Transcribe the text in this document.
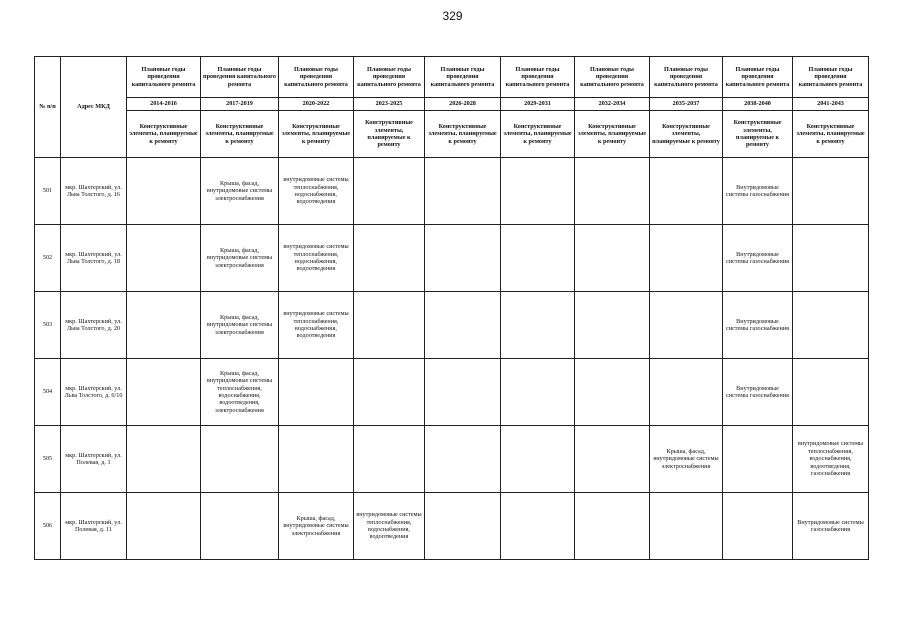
329
№ п/п	Адрес МКД	Плановые годы проведения капитального ремонта	Плановые годы проведения капитального ремонта	Плановые годы проведения капитального ремонта	Плановые годы проведения капитального ремонта	Плановые годы проведения капитального ремонта	Плановые годы проведения капитального ремонта	Плановые годы проведения капитального ремонта	Плановые годы проведения капитального ремонта	Плановые годы проведения капитального ремонта	Плановые годы проведения капитального ремонта
		2014-2016	2017-2019	2020-2022	2023-2025	2026-2028	2029-2031	2032-2034	2035-2037	2038-2040	2041-2043
		Конструктивные элементы, планируемые к ремонту	Конструктивные элементы, планируемые к ремонту	Конструктивные элементы, планируемые к ремонту	Конструктивные элементы, планируемые к ремонту	Конструктивные элементы, планируемые к ремонту	Конструктивные элементы, планируемые к ремонту	Конструктивные элементы, планируемые к ремонту	Конструктивные элементы, планируемые к ремонту	Конструктивные элементы, планируемые к ремонту	Конструктивные элементы, планируемые к ремонту
501	мкр. Шахтерский, ул. Льва Толстого, д. 16		Крыша, фасад, внутридомовые системы электроснабжения	внутридомовые системы теплоснабжения, водоснабжения, водоотведения						Внутридомовые системы газоснабжения	
502	мкр. Шахтерский, ул. Льва Толстого, д. 18		Крыша, фасад, внутридомовые системы электроснабжения	внутридомовые системы теплоснабжения, водоснабжения, водоотведения						Внутридомовые системы газоснабжения	
503	мкр. Шахтерский, ул. Льва Толстого, д. 20		Крыша, фасад, внутридомовые системы электроснабжения	внутридомовые системы теплоснабжения, водоснабжения, водоотведения						Внутридомовые системы газоснабжения	
504	мкр. Шахтерский, ул. Льва Толстого, д. 6/10		Крыша, фасад, внутридомовые системы теплоснабжения, водоснабжения, водоотведения, электроснабжения							Внутридомовые системы газоснабжения	
505	мкр. Шахтерский, ул. Полевая, д. 1								Крыша, фасад, внутридомовые системы электроснабжения		внутридомовые системы теплоснабжения, водоснабжения, водоотведения, газоснабжения
506	мкр. Шахтерский, ул. Полевая, д. 11			Крыша, фасад, внутридомовые системы электроснабжения	внутридомовые системы теплоснабжения, водоснабжения, водоотведения						Внутридомовые системы газоснабжения
